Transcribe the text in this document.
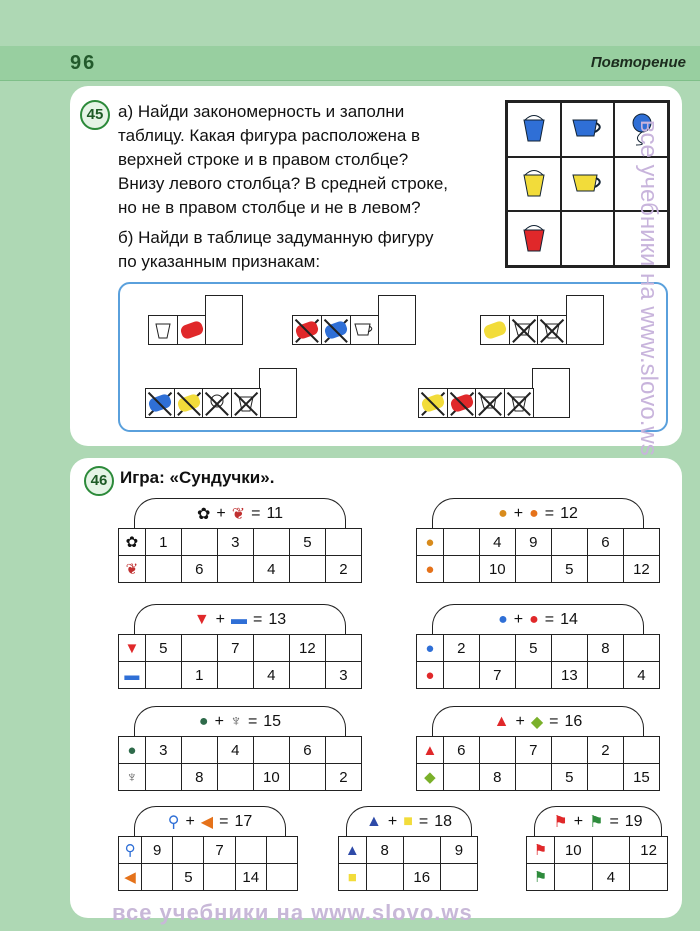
96	Повторение
45 а) Найди закономерность и заполни
таблицу. Какая фигура расположена в
верхней строке и в правом столбце?
Внизу левого столбца? В средней строке,
но не в правом столбце и не в левом?
б) Найди в таблице задуманную фигуру
по указанным признакам:
46 Игра: «Сундучки».
✿ + ❦ = 11
✿	1		3		5	
❦		6		4		2
● + ● = 12
●		4	9		6	
●		10		5		12
▼ + ▬ = 13
▼	5		7		12	
▬		1		4		3
● + ● = 14
●	2		5		8	
●		7		13		4
● + ♆ = 15
●	3		4		6	
♆		8		10		2
▲ + ◆ = 16
▲	6		7		2	
◆		8		5		15
⚲ + ◀ = 17
⚲	9		7		
◀		5		14	
▲ + ■ = 18
▲	8		9
■		16	
⚑ + ⚑ = 19
⚑	10		12
⚑		4	
все учебники на www.slovo.ws
все учебники на www.slovo.ws
